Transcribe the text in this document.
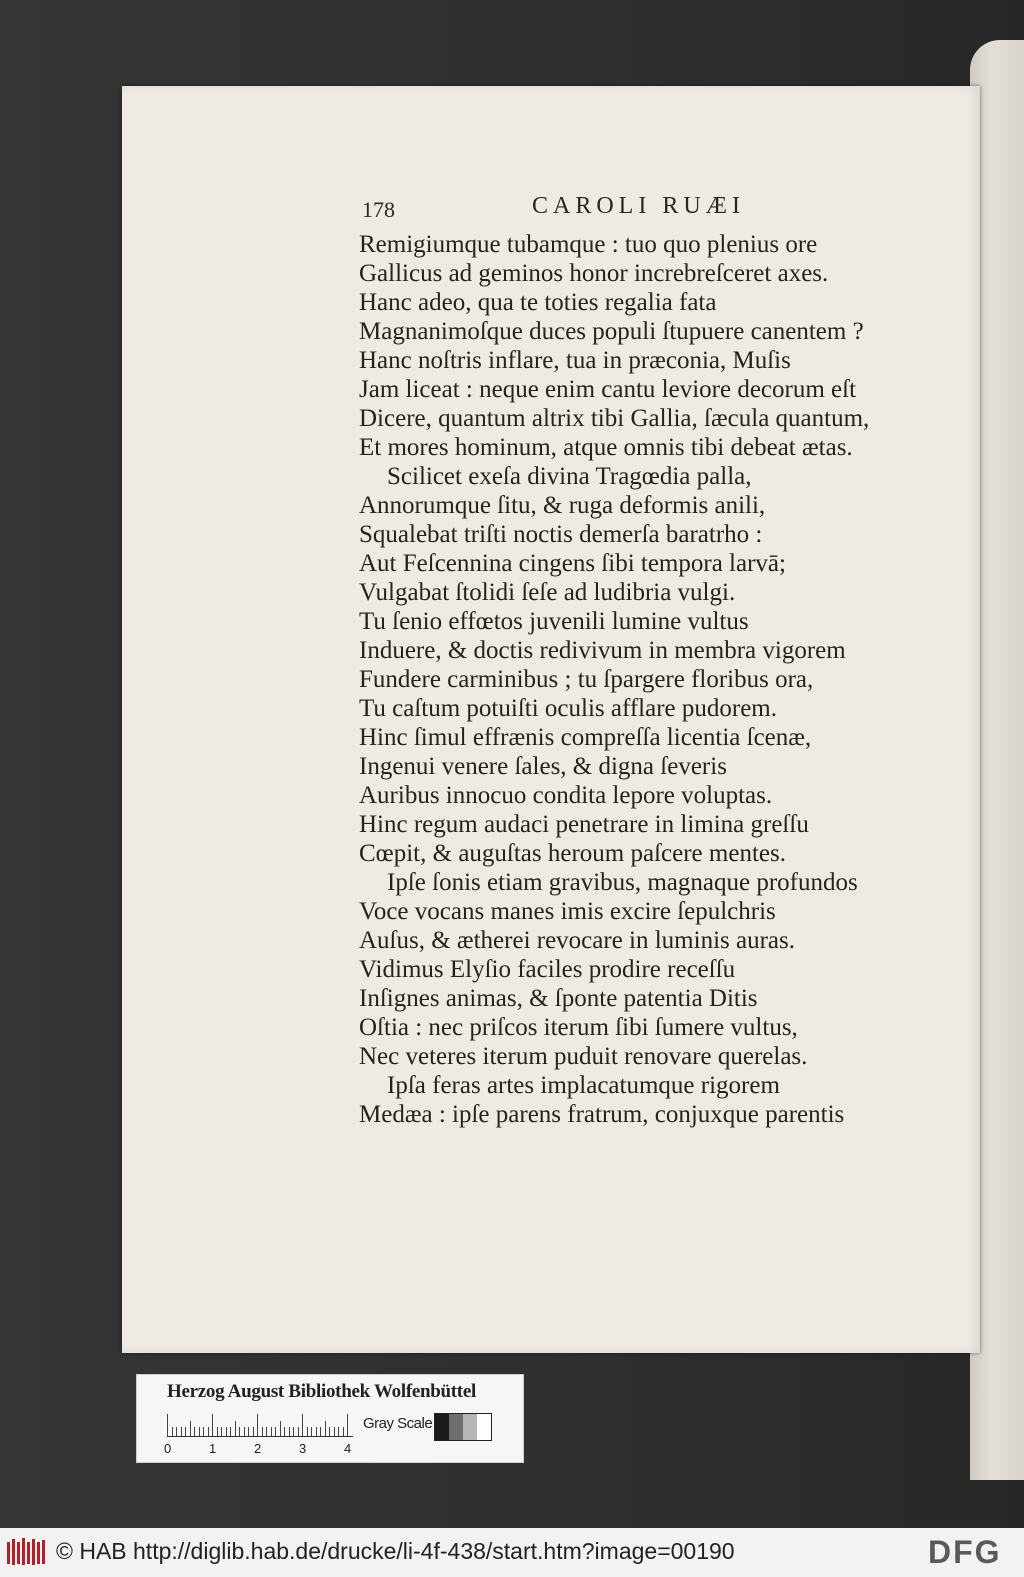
178	CAROLI RUÆI
Remigiumque tubamque : tuo quo plenius ore
Gallicus ad geminos honor increbreſceret axes.
Hanc adeo, qua te toties regalia fata
Magnanimoſque duces populi ſtupuere canentem ?
Hanc noſtris inflare, tua in præconia, Muſis
Jam liceat : neque enim cantu leviore decorum eſt
Dicere, quantum altrix tibi Gallia, ſæcula quantum,
Et mores hominum, atque omnis tibi debeat ætas.
Scilicet exeſa divina Tragœdia palla,
Annorumque ſitu, & ruga deformis anili,
Squalebat triſti noctis demerſa baratrho :
Aut Feſcennina cingens ſibi tempora larvā;
Vulgabat ſtolidi ſeſe ad ludibria vulgi.
Tu ſenio effœtos juvenili lumine vultus
Induere, & doctis redivivum in membra vigorem
Fundere carminibus ; tu ſpargere floribus ora,
Tu caſtum potuiſti oculis afflare pudorem.
Hinc ſimul effrænis compreſſa licentia ſcenæ,
Ingenui venere ſales, & digna ſeveris
Auribus innocuo condita lepore voluptas.
Hinc regum audaci penetrare in limina greſſu
Cœpit, & auguſtas heroum paſcere mentes.
Ipſe ſonis etiam gravibus, magnaque profundos
Voce vocans manes imis excire ſepulchris
Auſus, & ætherei revocare in luminis auras.
Vidimus Elyſio faciles prodire receſſu
Inſignes animas, & ſponte patentia Ditis
Oſtia : nec priſcos iterum ſibi ſumere vultus,
Nec veteres iterum puduit renovare querelas.
Ipſa feras artes implacatumque rigorem
Medæa : ipſe parens fratrum, conjuxque parentis
Herzog August Bibliothek Wolfenbüttel
0	1	2	3	4
Gray Scale
© HAB http://diglib.hab.de/drucke/li-4f-438/start.htm?image=00190	DFG
